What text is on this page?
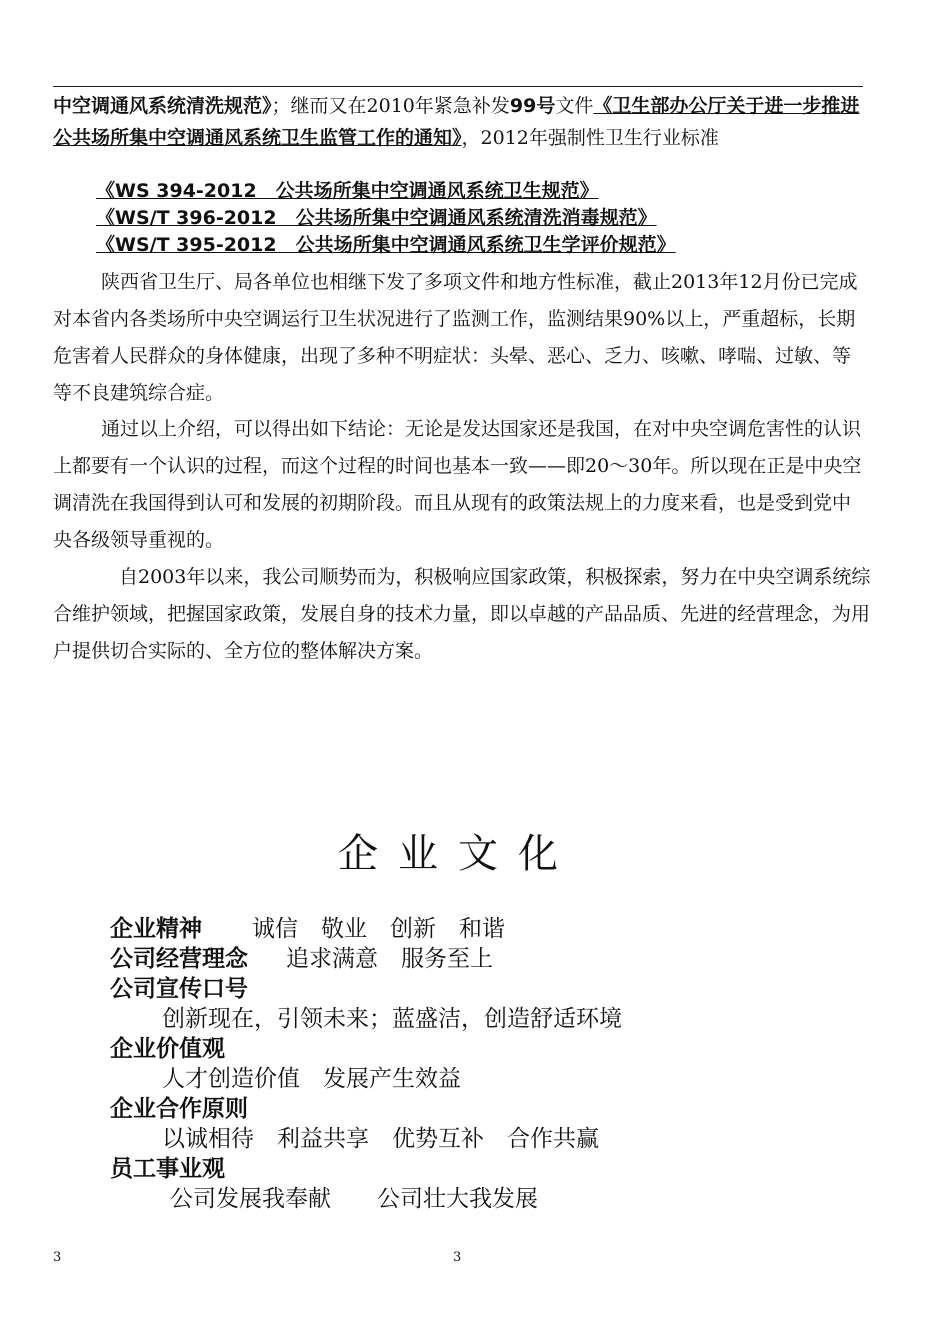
中空调通风系统清洗规范》；继而又在2010年紧急补发99号文件《卫生部办公厅关于进一步推进公共场所集中空调通风系统卫生监管工作的通知》，2012年强制性卫生行业标准

《WS 394-2012　公共场所集中空调通风系统卫生规范》
《WS/T 396-2012　公共场所集中空调通风系统清洗消毒规范》
《WS/T 395-2012　公共场所集中空调通风系统卫生学评价规范》

陕西省卫生厅、局各单位也相继下发了多项文件和地方性标准，截止2013年12月份已完成对本省内各类场所中央空调运行卫生状况进行了监测工作，监测结果90%以上，严重超标，长期危害着人民群众的身体健康，出现了多种不明症状：头晕、恶心、乏力、咳嗽、哮喘、过敏、等等不良建筑综合症。

通过以上介绍，可以得出如下结论：无论是发达国家还是我国，在对中央空调危害性的认识上都要有一个认识的过程，而这个过程的时间也基本一致——即20～30年。所以现在正是中央空调清洗在我国得到认可和发展的初期阶段。而且从现有的政策法规上的力度来看，也是受到党中央各级领导重视的。

自2003年以来，我公司顺势而为，积极响应国家政策，积极探索，努力在中央空调系统综合维护领域，把握国家政策，发展自身的技术力量，即以卓越的产品品质、先进的经营理念，为用户提供切合实际的、全方位的整体解决方案。

企业文化
企业精神 诚信　敬业　创新　和谐
公司经营理念 追求满意　服务至上
公司宣传口号
创新现在，引领未来；蓝盛洁，创造舒适环境
企业价值观
人才创造价值　发展产生效益
企业合作原则
以诚相待　利益共享　优势互补　合作共赢
员工事业观
公司发展我奉献　　公司壮大我发展
3	3
